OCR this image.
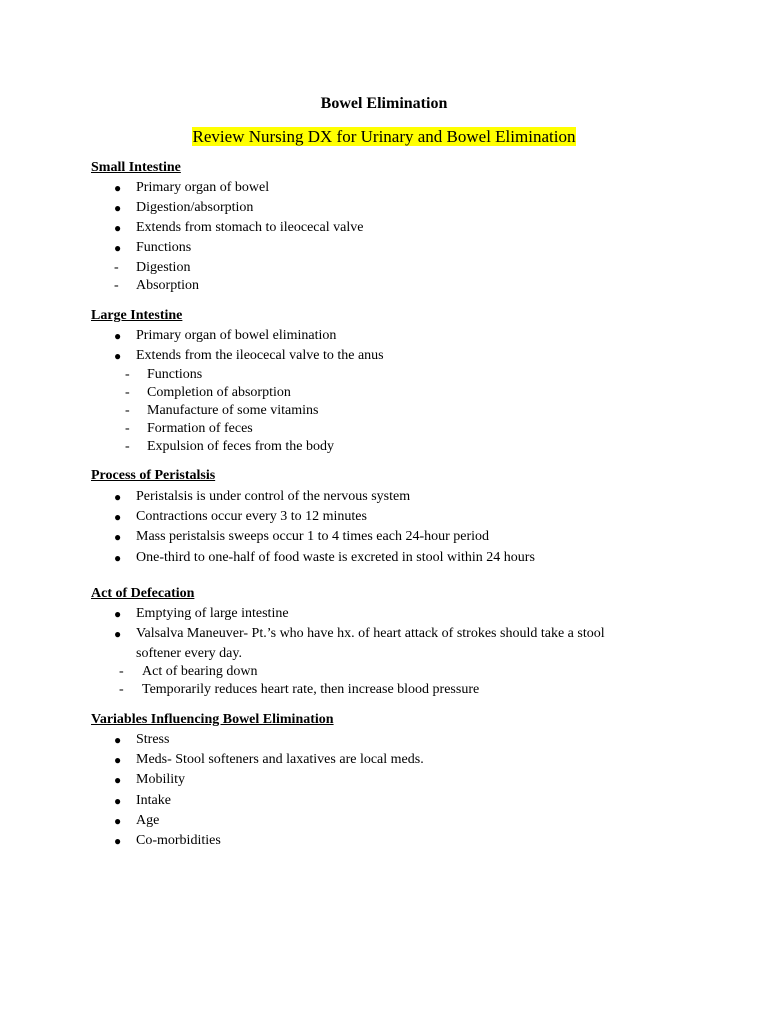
Bowel Elimination
Review Nursing DX for Urinary and Bowel Elimination
Small Intestine
● Primary organ of bowel
● Digestion/absorption
● Extends from stomach to ileocecal valve
● Functions
- Digestion
- Absorption
Large Intestine
● Primary organ of bowel elimination
● Extends from the ileocecal valve to the anus
- Functions
- Completion of absorption
- Manufacture of some vitamins
- Formation of feces
- Expulsion of feces from the body
Process of Peristalsis
● Peristalsis is under control of the nervous system
● Contractions occur every 3 to 12 minutes
● Mass peristalsis sweeps occur 1 to 4 times each 24-hour period
● One-third to one-half of food waste is excreted in stool within 24 hours
Act of Defecation
● Emptying of large intestine
● Valsalva Maneuver- Pt.’s who have hx. of heart attack of strokes should take a stool
softener every day.
- Act of bearing down
- Temporarily reduces heart rate, then increase blood pressure
Variables Influencing Bowel Elimination
● Stress
● Meds- Stool softeners and laxatives are local meds.
● Mobility
● Intake
● Age
● Co-morbidities
